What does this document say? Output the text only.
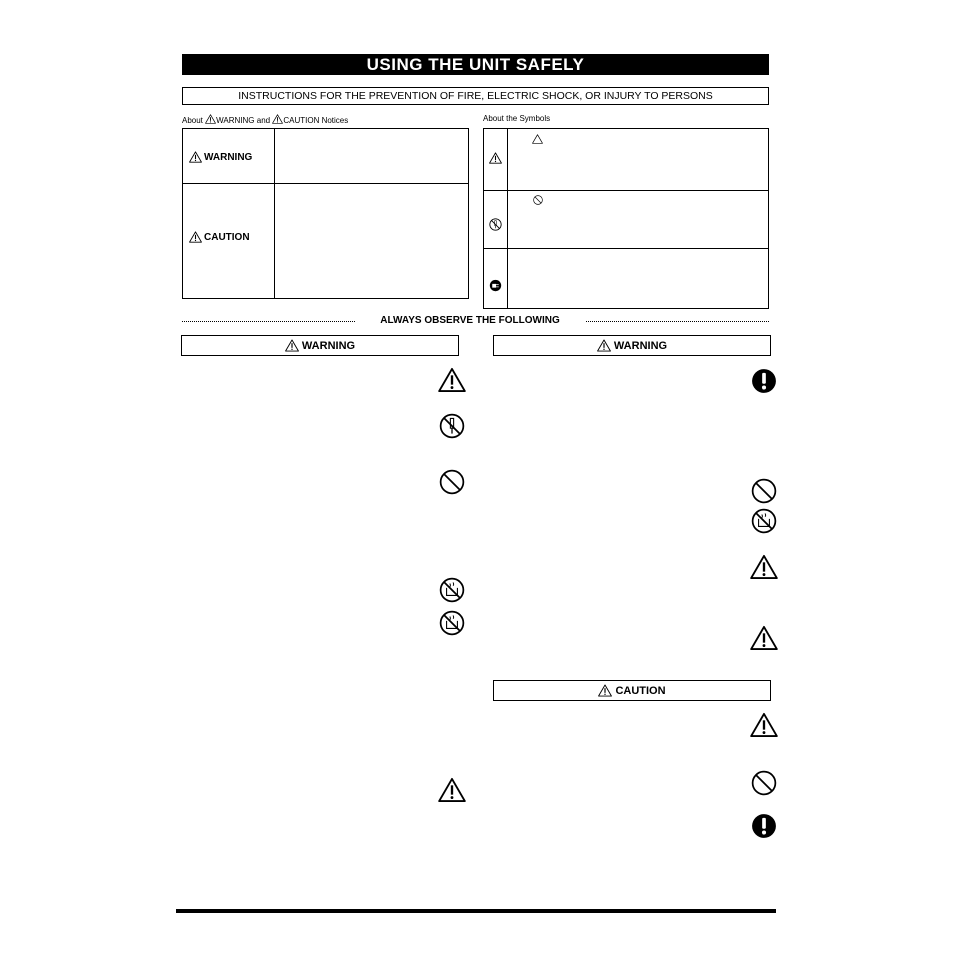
USING THE UNIT SAFELY
INSTRUCTIONS FOR THE PREVENTION OF FIRE, ELECTRIC SHOCK, OR INJURY TO PERSONS
About WARNING and CAUTION Notices
WARNING
CAUTION
About the Symbols
ALWAYS OBSERVE THE FOLLOWING
WARNING	WARNING
CAUTION
